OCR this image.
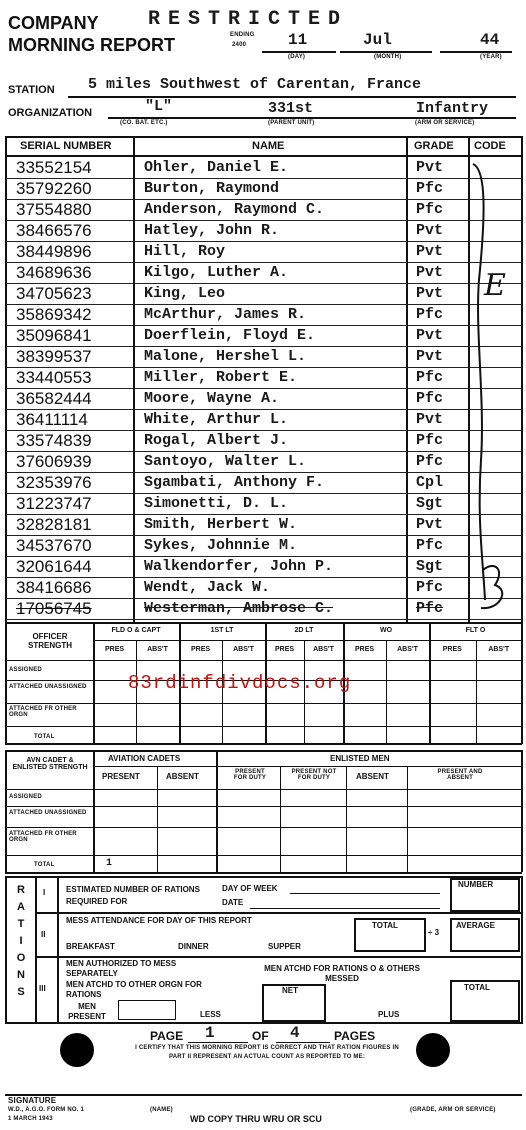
COMPANY
MORNING REPORT
RESTRICTED
ENDING
2400	11	Jul	44
(DAY)	(MONTH)	(YEAR)
STATION 5 miles Southwest of Carentan, France
ORGANIZATION	"L"	331st	Infantry
(CO. BAT. ETC.)	(PARENT UNIT)	(ARM OR SERVICE)
SERIAL NUMBER	NAME	GRADE CODE
33552154	Ohler, Daniel E.	Pvt
35792260	Burton, Raymond	Pfc
37554880	Anderson, Raymond C.	Pfc
38466576	Hatley, John R.	Pvt
38449896	Hill, Roy	Pvt
34689636	Kilgo, Luther A.	Pvt
34705623	King, Leo	Pvt
35869342	McArthur, James R.	Pfc
35096841	Doerflein, Floyd E.	Pvt
38399537	Malone, Hershel L.	Pvt
33440553	Miller, Robert E.	Pfc
36582444	Moore, Wayne A.	Pfc
36411114	White, Arthur L.	Pvt
33574839	Rogal, Albert J.	Pfc
37606939	Santoyo, Walter L.	Pfc
32353976	Sgambati, Anthony F.	Cpl
31223747	Simonetti, D. L.	Sgt
32828181	Smith, Herbert W.	Pvt
34537670	Sykes, Johnnie M.	Pfc
32061644	Walkendorfer, John P.	Sgt
38416686	Wendt, Jack W.	Pfc
17056745	Westerman, Ambrose C.	Pfc
E
FLD O & CAPT
PRES	ABS'T
1ST LT
PRES	ABS'T
2D LT
PRES	ABS'T
WO
PRES	ABS'T
FLT O
PRES	ABS'T
OFFICER STRENGTH
ASSIGNED
ATTACHED UNASSIGNED
ATTACHED FR OTHER ORGN
TOTAL
83rdinfdivdocs.org
AVN CADET & ENLISTED STRENGTH
AVIATION CADETS	ENLISTED MEN
PRESENT	ABSENT	PRESENT FOR DUTY
PRESENT NOT FOR DUTY	ABSENT	PRESENT AND ABSENT
ASSIGNED
ATTACHED UNASSIGNED
ATTACHED FR OTHER ORGN
TOTAL	1
R
A
T
I
O
N
S
I
II
III
ESTIMATED NUMBER OF RATIONS REQUIRED FOR
DAY OF WEEK
DATE
NUMBER
MESS ATTENDANCE FOR DAY OF THIS REPORT
BREAKFAST	DINNER	SUPPER
TOTAL
÷ 3
AVERAGE
MEN AUTHORIZED TO MESS SEPARATELY
MEN ATCHD TO OTHER ORGN FOR RATIONS
MEN PRESENT	LESS
MEN ATCHD FOR RATIONS O & OTHERS MESSED
NET
PLUS
TOTAL
PAGE 1	OF 4	PAGES
I CERTIFY THAT THIS MORNING REPORT IS CORRECT AND THAT RATION FIGURES IN PART II REPRESENT AN ACTUAL COUNT AS REPORTED TO ME:
SIGNATURE
W.D., A.G.O. FORM NO. 1
1 MARCH 1943
(NAME)
WD COPY THRU WRU OR SCU
(GRADE, ARM OR SERVICE)
